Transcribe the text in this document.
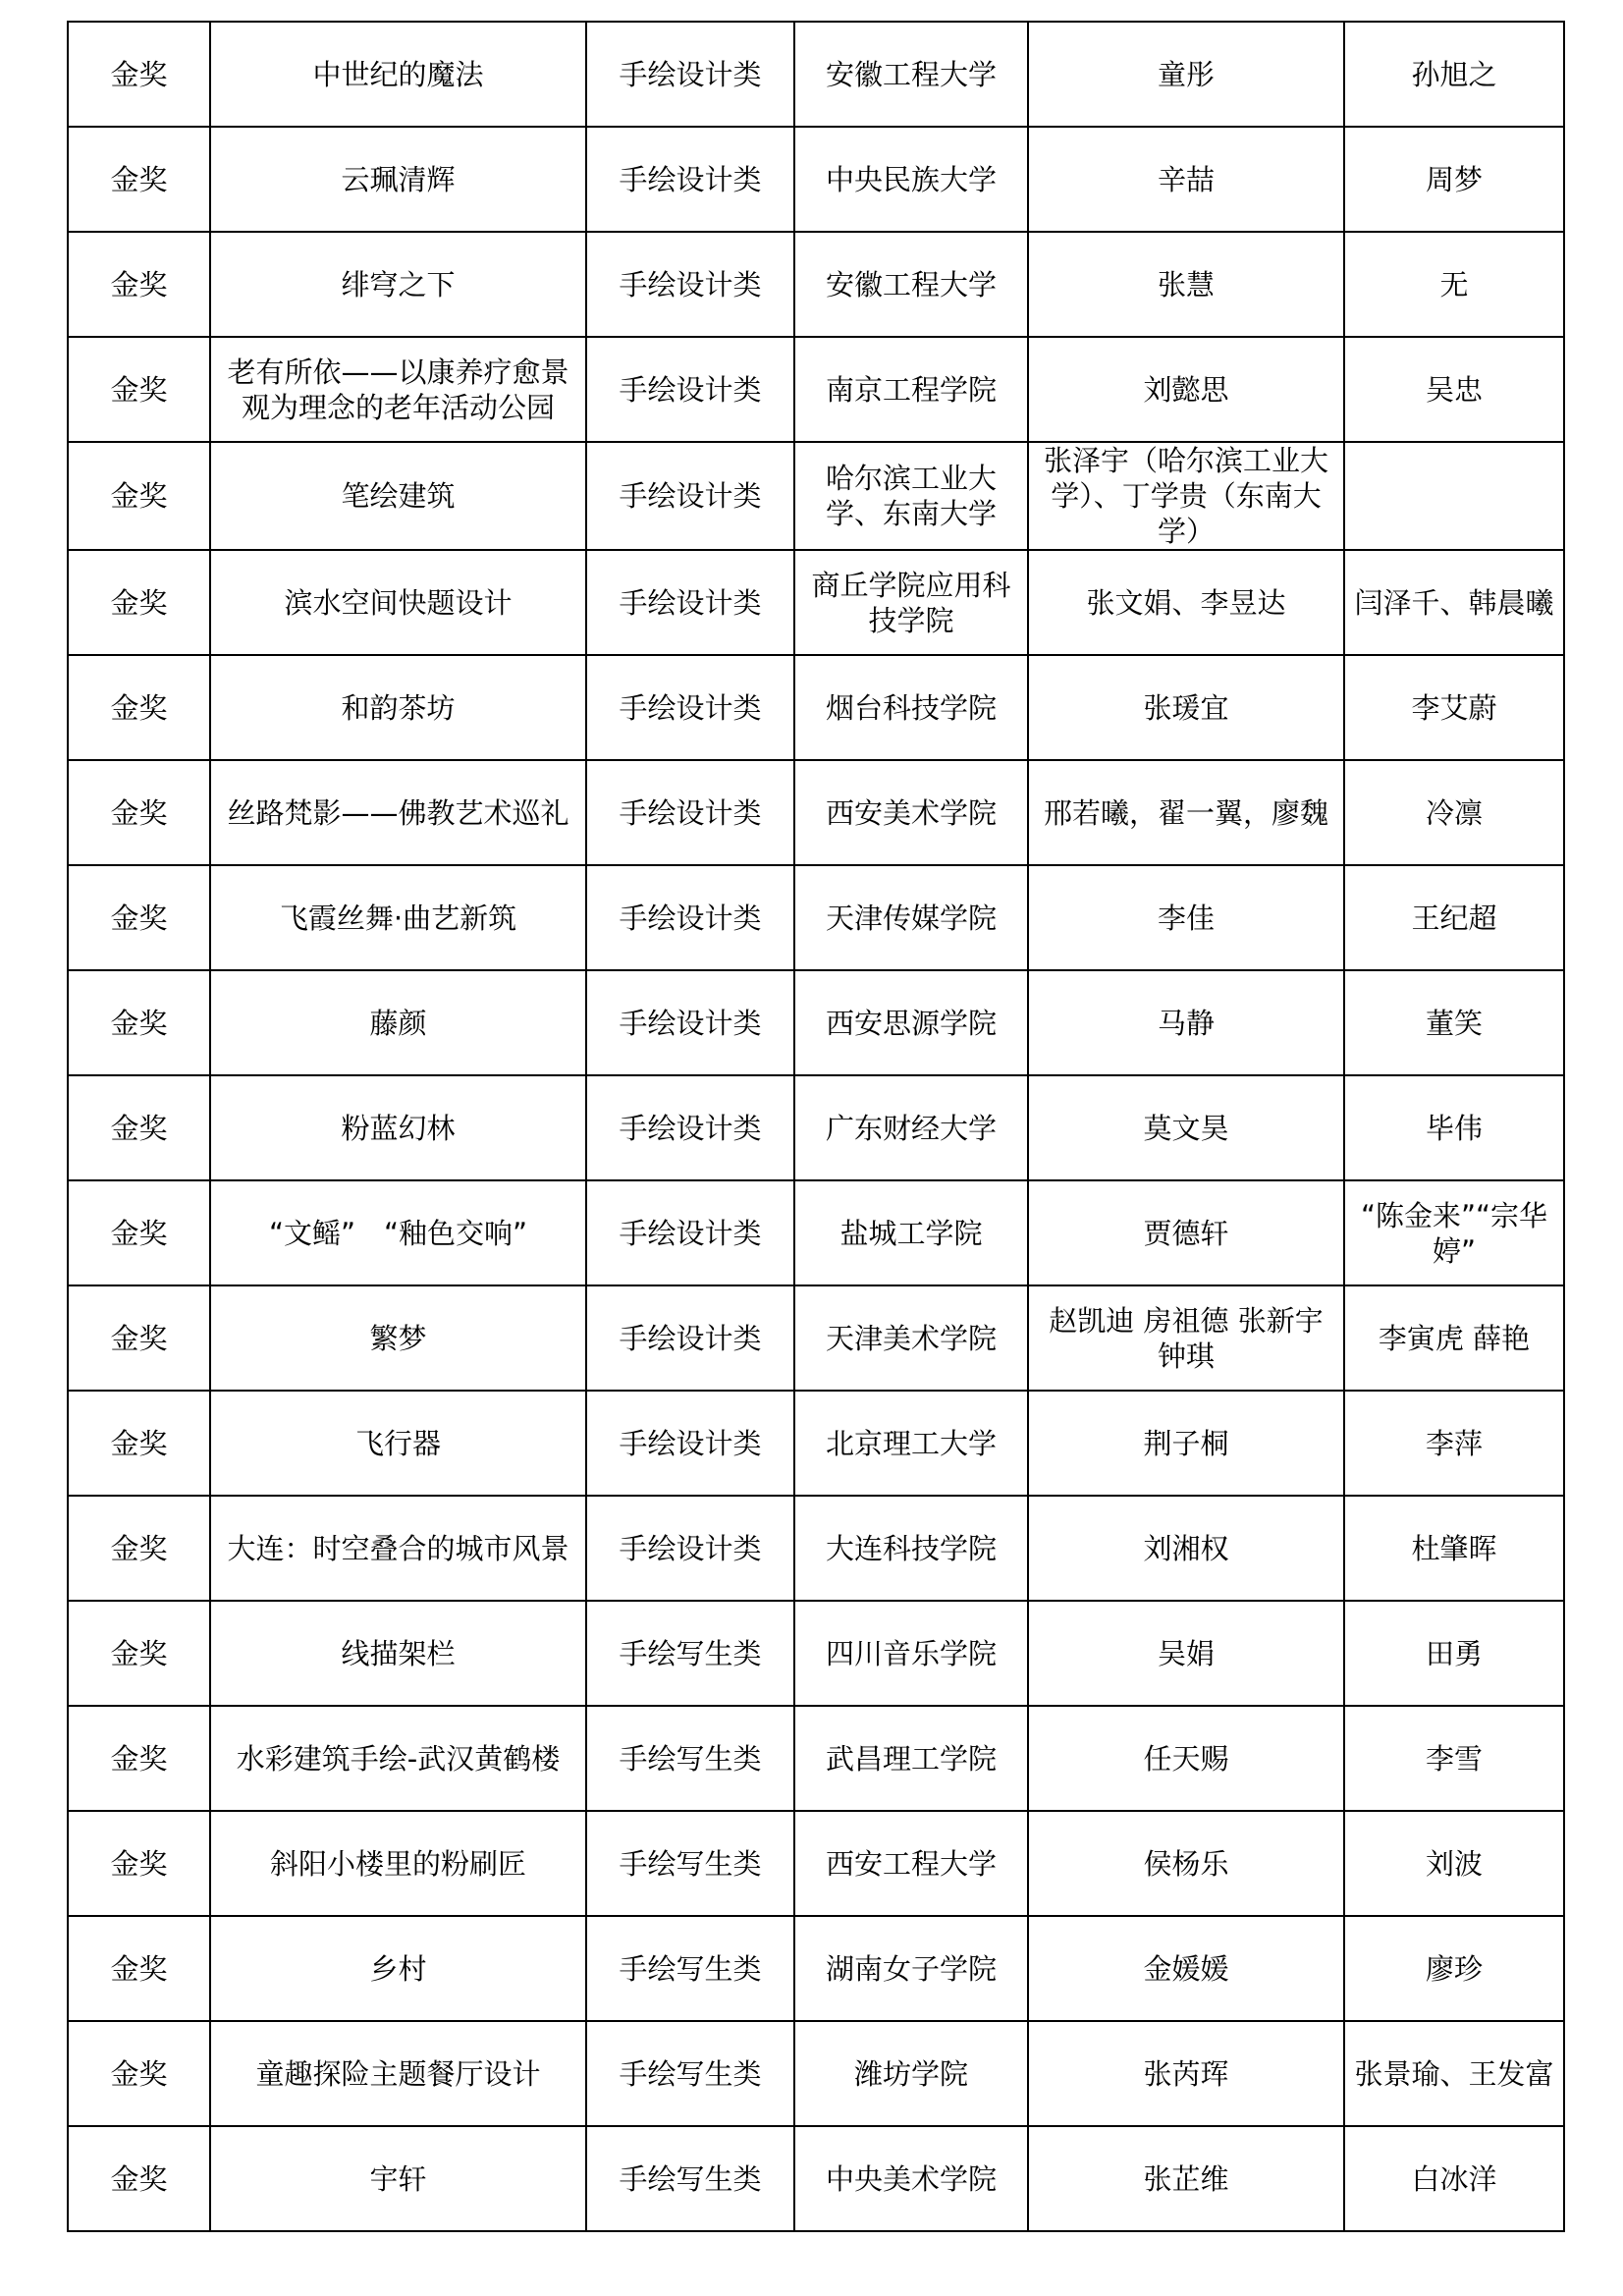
金奖	中世纪的魔法	手绘设计类	安徽工程大学	童彤	孙旭之
金奖	云珮清辉	手绘设计类	中央民族大学	辛喆	周梦
金奖	绯穹之下	手绘设计类	安徽工程大学	张慧	无
金奖	老有所依——以康养疗愈景观为理念的老年活动公园	手绘设计类	南京工程学院	刘懿思	吴忠
金奖	笔绘建筑	手绘设计类	哈尔滨工业大学、东南大学	张泽宇（哈尔滨工业大学）、丁学贵（东南大学）	
金奖	滨水空间快题设计	手绘设计类	商丘学院应用科技学院	张文娟、李昱达	闫泽千、韩晨曦
金奖	和韵茶坊	手绘设计类	烟台科技学院	张瑗宜	李艾蔚
金奖	丝路梵影——佛教艺术巡礼	手绘设计类	西安美术学院	邢若曦，翟一翼，廖魏	冷凛
金奖	飞霞丝舞·曲艺新筑	手绘设计类	天津传媒学院	李佳	王纪超
金奖	藤颜	手绘设计类	西安思源学院	马静	董笑
金奖	粉蓝幻林	手绘设计类	广东财经大学	莫文昊	毕伟
金奖	“文鳐”　“釉色交响”	手绘设计类	盐城工学院	贾德轩	“陈金来”“宗华婷”
金奖	繁梦	手绘设计类	天津美术学院	赵凯迪 房祖德 张新宇 钟琪	李寅虎 薛艳
金奖	飞行器	手绘设计类	北京理工大学	荆子桐	李萍
金奖	大连：时空叠合的城市风景	手绘设计类	大连科技学院	刘湘权	杜肇晖
金奖	线描架栏	手绘写生类	四川音乐学院	吴娟	田勇
金奖	水彩建筑手绘-武汉黄鹤楼	手绘写生类	武昌理工学院	任天赐	李雪
金奖	斜阳小楼里的粉刷匠	手绘写生类	西安工程大学	侯杨乐	刘波
金奖	乡村	手绘写生类	湖南女子学院	金媛媛	廖珍
金奖	童趣探险主题餐厅设计	手绘写生类	潍坊学院	张芮珲	张景瑜、王发富
金奖	宇轩	手绘写生类	中央美术学院	张芷维	白冰洋
